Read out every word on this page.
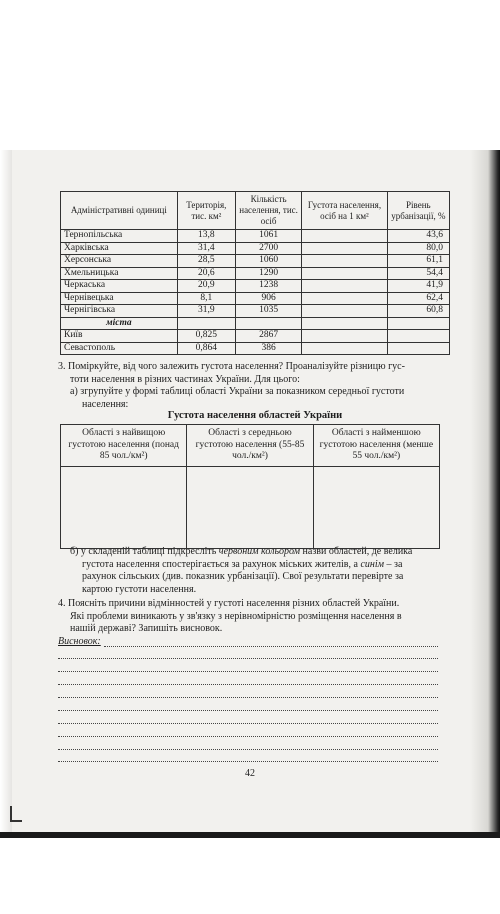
Адміністративні одиниці	Територія, тис. км²	Кількість населення, тис. осіб	Густота населення, осіб на 1 км²	Рівень урбанізації, %
Тернопільська	13,8	1061		43,6
Харківська	31,4	2700		80,0
Херсонська	28,5	1060		61,1
Хмельницька	20,6	1290		54,4
Черкаська	20,9	1238		41,9
Чернівецька	8,1	906		62,4
Чернігівська	31,9	1035		60,8
міста				
Київ	0,825	2867		
Севастополь	0,864	386		
3. Поміркуйте, від чого залежить густота населення? Проаналізуйте різницю гус-
тоти населення в різних частинах України. Для цього:
а) згрупуйте у формі таблиці області України за показником середньої густоти
населення:
Густота населення областей України
Області з найвищою густотою населення (понад 85 чол./км²)	Області з середньою густотою населення (55-85 чол./км²)	Області з найменшою густотою населення (менше 55 чол./км²)

б) у складеній таблиці підкресліть червоним кольором назви областей, де велика
густота населення спостерігається за рахунок міських жителів, а синім – за
рахунок сільських (див. показник урбанізації). Свої результати перевірте за
картою густоти населення.
4. Поясніть причини відмінностей у густоті населення різних областей України.
Які проблеми виникають у зв'язку з нерівномірністю розміщення населення в
нашій державі? Запишіть висновок.
Висновок:
42
